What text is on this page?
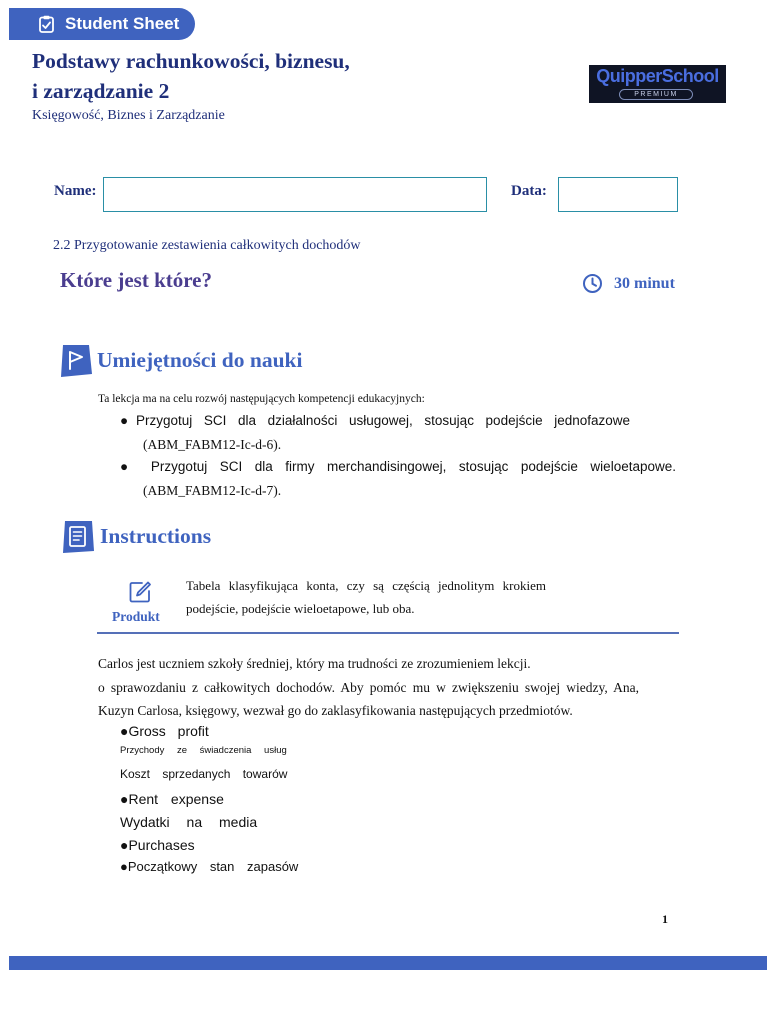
Student Sheet
Podstawy rachunkowości, biznesu,
i zarządzanie 2
Księgowość, Biznes i Zarządzanie
QuipperSchool
PREMIUM
Name:	Data:
2.2 Przygotowanie zestawienia całkowitych dochodów
Które jest które?	30 minut
Umiejętności do nauki
Ta lekcja ma na celu rozwój następujących kompetencji edukacyjnych:
●Przygotuj SCI dla działalności usługowej, stosując podejście jednofazowe
(ABM_FABM12-Ic-d-6).
● Przygotuj SCI dla firmy merchandisingowej, stosując podejście wieloetapowe.
(ABM_FABM12-Ic-d-7).
Instructions
Produkt
Tabela klasyfikująca konta, czy są częścią jednolitym krokiem
podejście, podejście wieloetapowe, lub oba.
Carlos jest uczniem szkoły średniej, który ma trudności ze zrozumieniem lekcji.
o sprawozdaniu z całkowitych dochodów. Aby pomóc mu w zwiększeniu swojej wiedzy, Ana,
Kuzyn Carlosa, księgowy, wezwał go do zaklasyfikowania następujących przedmiotów.
●Gross profit
Przychody ze świadczenia usług
Koszt sprzedanych towarów
●Rent expense
Wydatki na media
●Purchases
●Początkowy stan zapasów
1
